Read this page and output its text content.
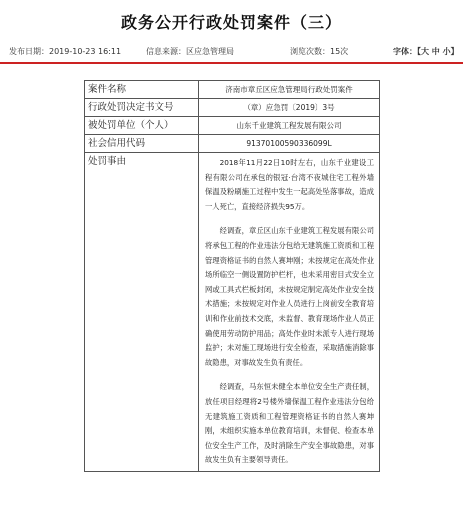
政务公开行政处罚案件（三）
发布日期：2019-10-23 16:11	信息来源：区应急管理局	浏览次数：15次	字体：【大 中 小】
案件名称	济南市章丘区应急管理局行政处罚案件
行政处罚决定书文号	（章）应急罚〔2019〕3号
被处罚单位（个人）	山东千业建筑工程发展有限公司
社会信用代码	91370100590336099L
处罚事由	2018年11月22日10时左右，山东千业建设工程有限公司在承包的银冠·台湾不夜城住宅工程外墙保温及粉刷施工过程中发生一起高处坠落事故，造成一人死亡，直接经济损失95万。

经调查，章丘区山东千业建筑工程发展有限公司将承包工程的作业违法分包给无建筑施工资质和工程管理资格证书的自然人赛坤刚；未按规定在高处作业场所临空一侧设置防护栏杆，也未采用密目式安全立网或工具式栏板封闭，未按规定制定高处作业安全技术措施；未按规定对作业人员进行上岗前安全教育培训和作业前技术交底，未监督、教育现场作业人员正确使用劳动防护用品；高处作业时未派专人进行现场监护；未对施工现场进行安全检查，采取措施消除事故隐患，对事故发生负有责任。

经调查，马东恒未健全本单位安全生产责任制，放任项目经理将2号楼外墙保温工程作业违法分包给无建筑施工资质和工程管理资格证书的自然人赛坤刚，未组织实施本单位教育培训，未督促、检查本单位安全生产工作，及时消除生产安全事故隐患，对事故发生负有主要领导责任。
